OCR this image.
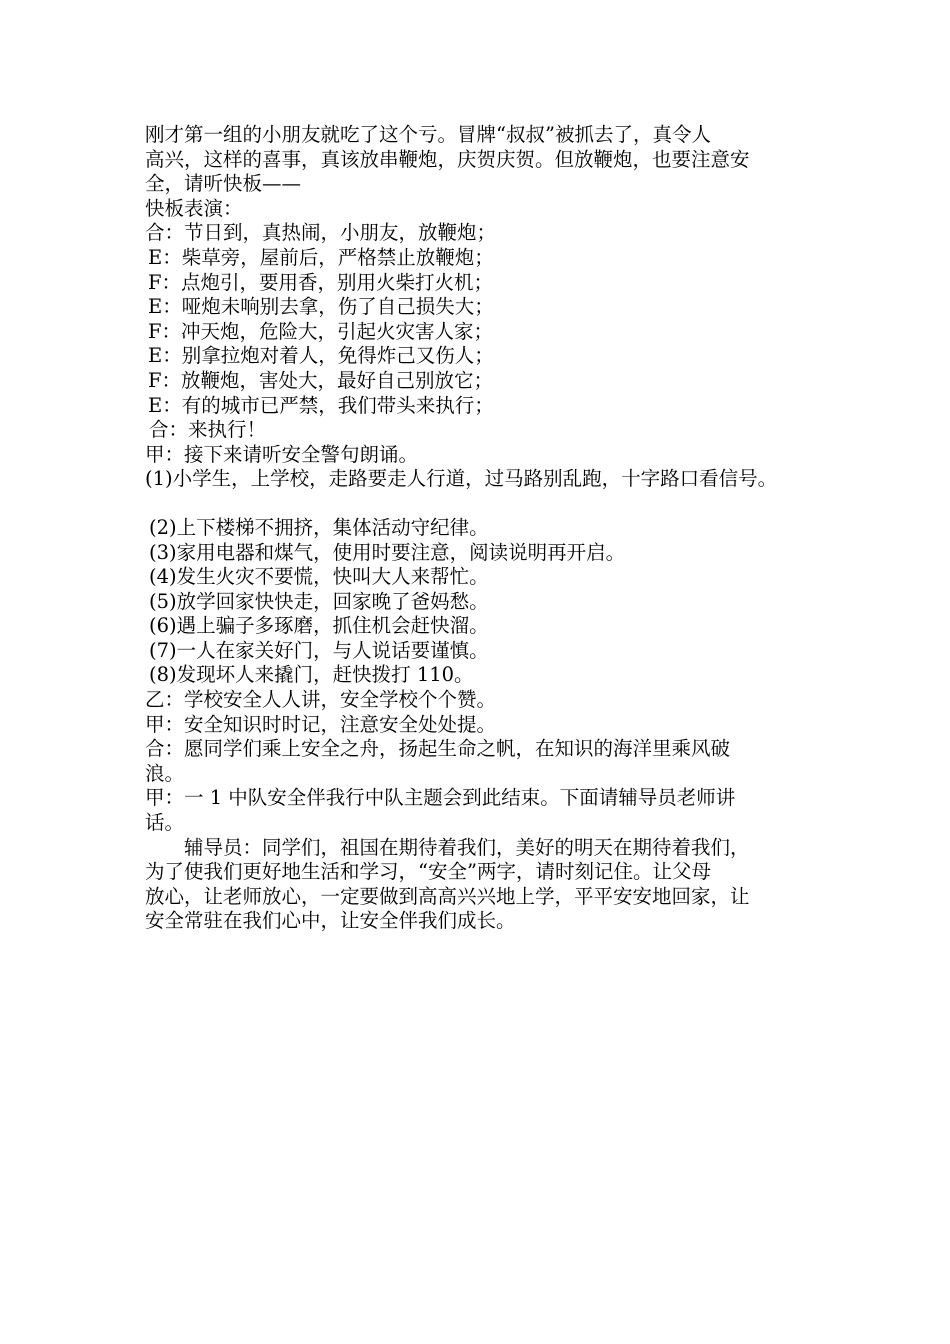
刚才第一组的小朋友就吃了这个亏。冒牌“叔叔”被抓去了，真令人

高兴，这样的喜事，真该放串鞭炮，庆贺庆贺。但放鞭炮，也要注意安

全，请听快板——

快板表演：

合：节日到，真热闹，小朋友，放鞭炮；

E：柴草旁，屋前后，严格禁止放鞭炮；

F：点炮引，要用香，别用火柴打火机；

E：哑炮未响别去拿，伤了自己损失大；

F：冲天炮，危险大，引起火灾害人家；

E：别拿拉炮对着人，免得炸己又伤人；

F：放鞭炮，害处大，最好自己别放它；

E：有的城市已严禁，我们带头来执行；

合：来执行！

甲：接下来请听安全警句朗诵。

(1)小学生，上学校，走路要走人行道，过马路别乱跑，十字路口看信号。

(2)上下楼梯不拥挤，集体活动守纪律。

(3)家用电器和煤气，使用时要注意，阅读说明再开启。

(4)发生火灾不要慌，快叫大人来帮忙。

(5)放学回家快快走，回家晚了爸妈愁。

(6)遇上骗子多琢磨，抓住机会赶快溜。

(7)一人在家关好门，与人说话要谨慎。

(8)发现坏人来撬门，赶快拨打 110。

乙：学校安全人人讲，安全学校个个赞。

甲：安全知识时时记，注意安全处处提。

合：愿同学们乘上安全之舟，扬起生命之帆，在知识的海洋里乘风破

浪。

甲：一 1 中队安全伴我行中队主题会到此结束。下面请辅导员老师讲

话。

辅导员：同学们，祖国在期待着我们，美好的明天在期待着我们，

为了使我们更好地生活和学习，“安全”两字，请时刻记住。让父母

放心，让老师放心，一定要做到高高兴兴地上学，平平安安地回家，让

安全常驻在我们心中，让安全伴我们成长。
